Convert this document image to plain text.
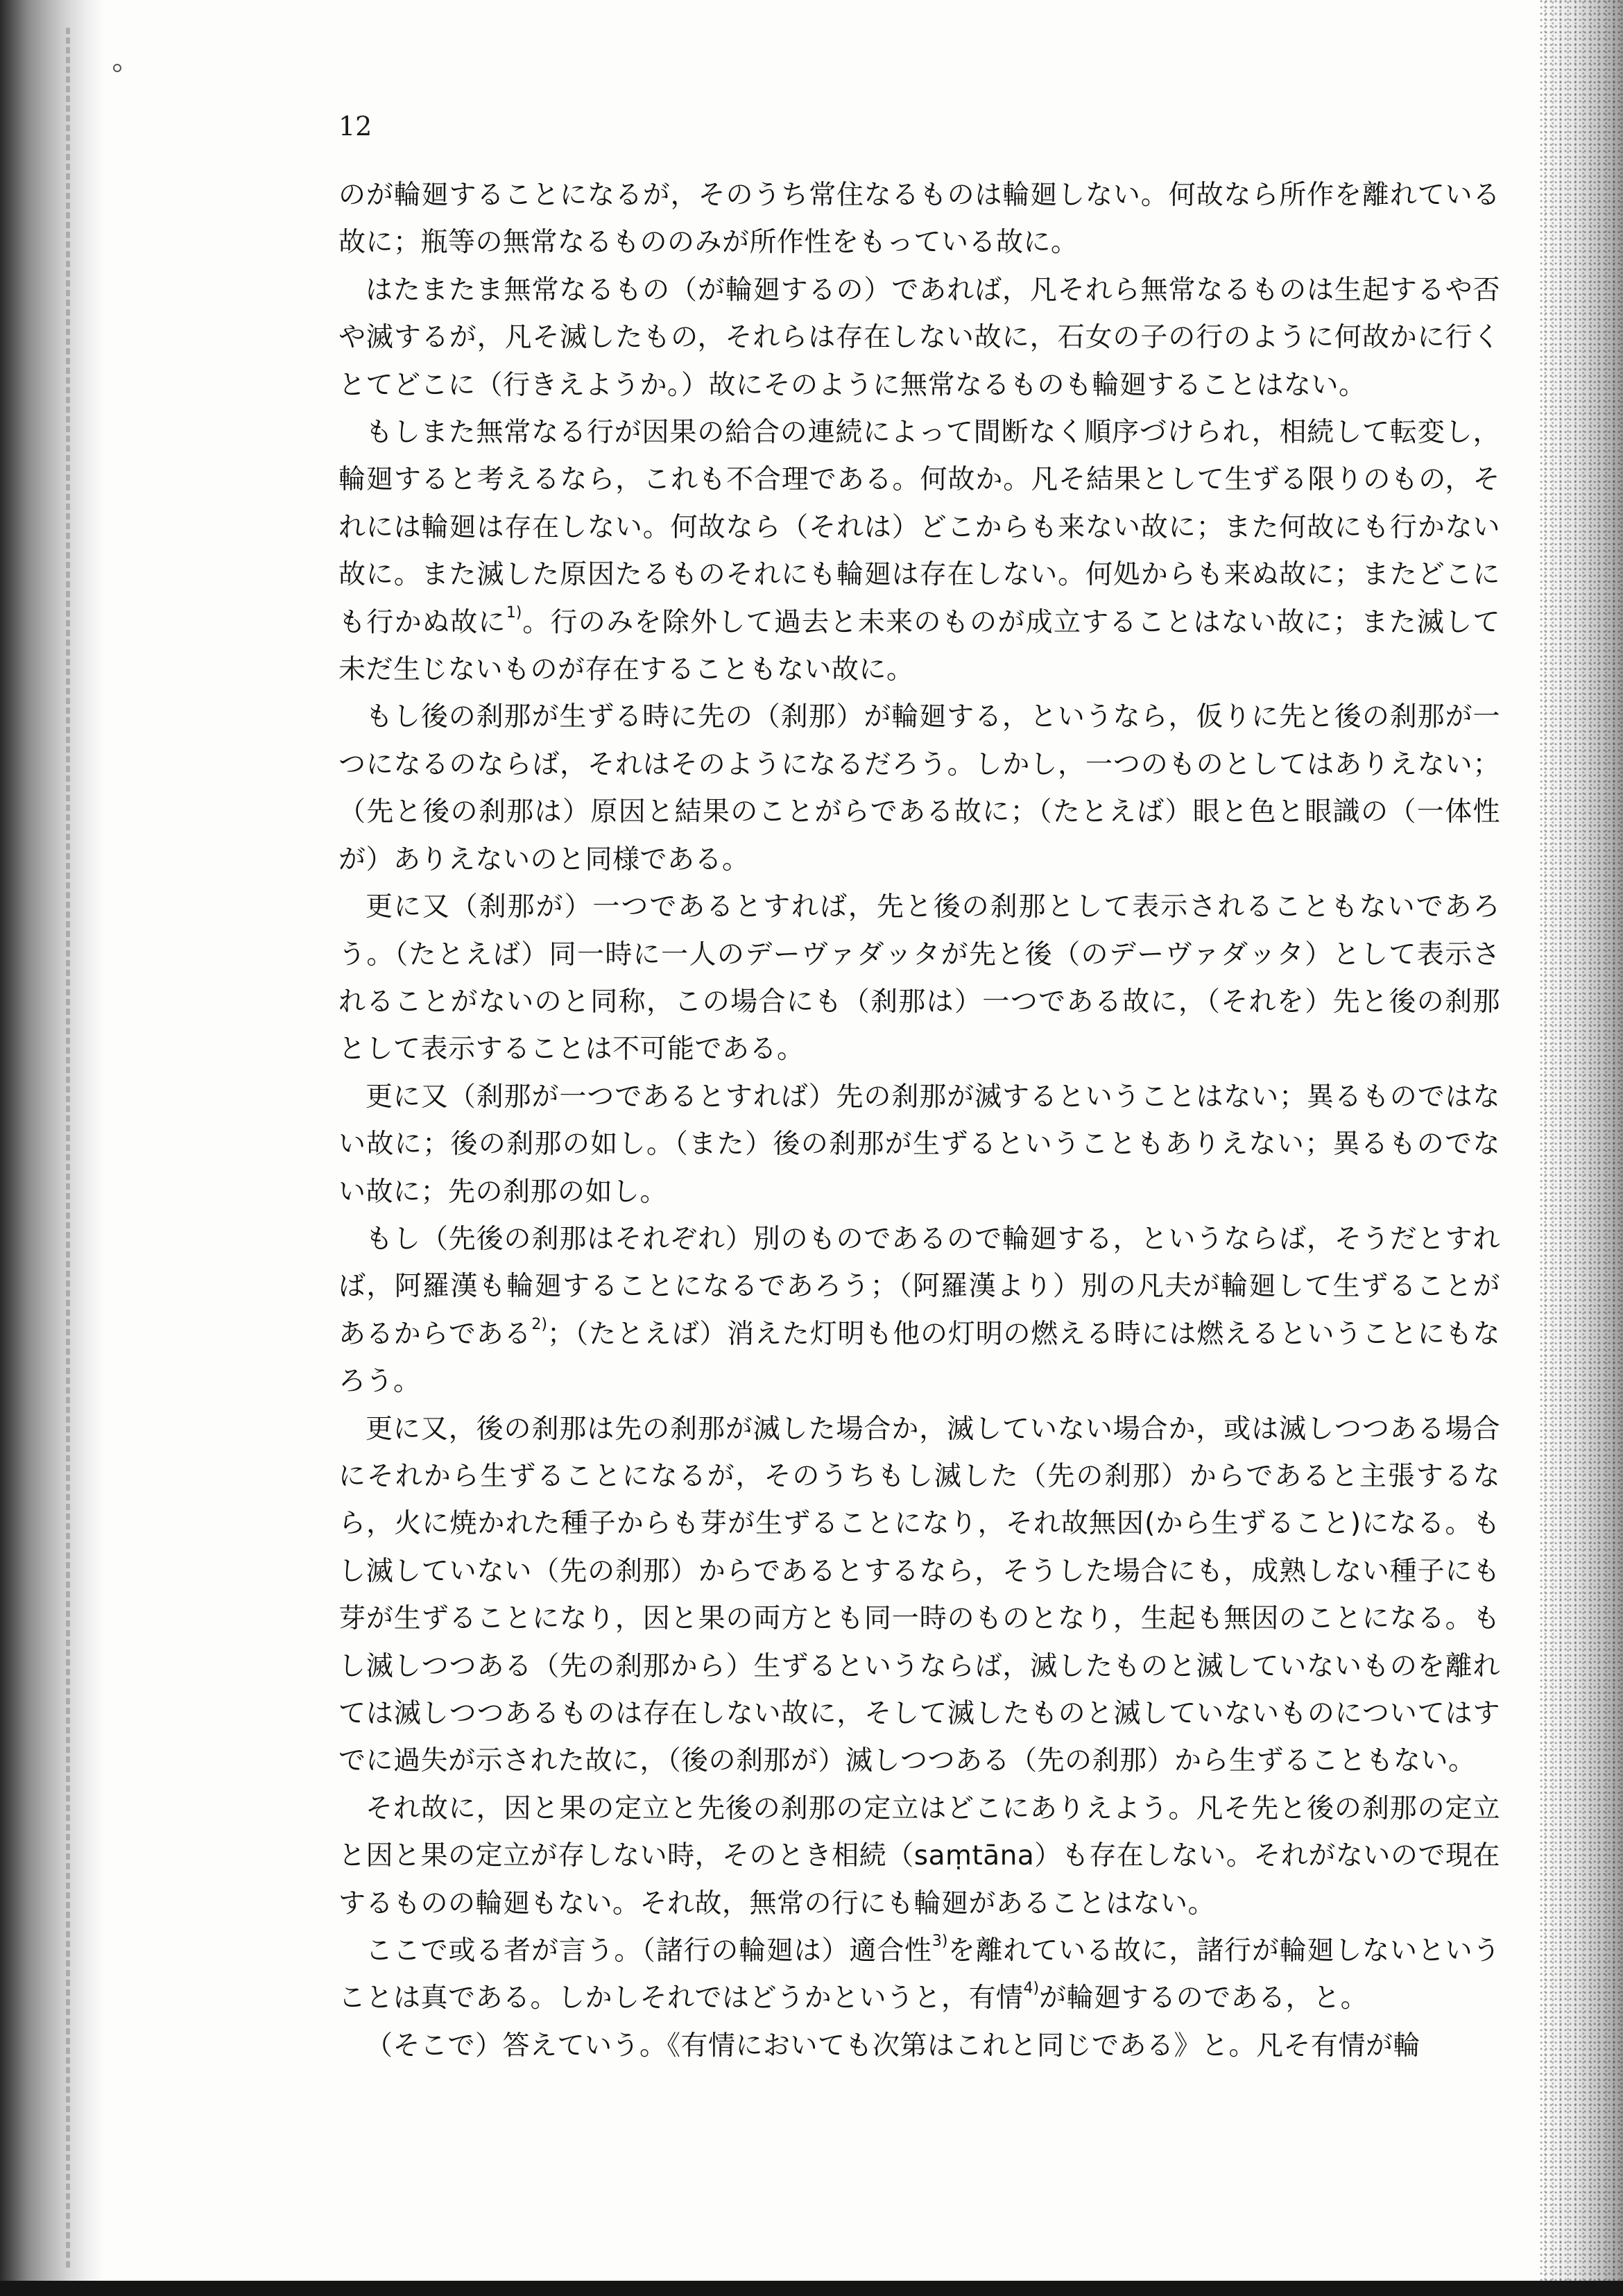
12

のが輪廻することになるが，そのうち常住なるものは輪廻しない。何故なら所作を離れている故に；瓶等の無常なるもののみが所作性をもっている故に。

はたまたま無常なるもの（が輪廻するの）であれば，凡それら無常なるものは生起するや否や滅するが，凡そ滅したもの，それらは存在しない故に，石女の子の行のように何故かに行くとてどこに（行きえようか。）故にそのように無常なるものも輪廻することはない。

もしまた無常なる行が因果の給合の連続によって間断なく順序づけられ，相続して転変し，輪廻すると考えるなら，これも不合理である。何故か。凡そ結果として生ずる限りのもの，それには輪廻は存在しない。何故なら（それは）どこからも来ない故に；また何故にも行かない故に。また滅した原因たるものそれにも輪廻は存在しない。何処からも来ぬ故に；またどこにも行かぬ故に$^{1)}$。行のみを除外して過去と未来のものが成立することはない故に；また滅して未だ生じないものが存在することもない故に。

もし後の刹那が生ずる時に先の（刹那）が輪廻する，というなら，仮りに先と後の刹那が一つになるのならば，それはそのようになるだろう。しかし，一つのものとしてはありえない；（先と後の刹那は）原因と結果のことがらである故に；（たとえば）眼と色と眼識の（一体性が）ありえないのと同様である。

更に又（刹那が）一つであるとすれば，先と後の刹那として表示されることもないであろう。（たとえば）同一時に一人のデーヴァダッタが先と後（のデーヴァダッタ）として表示されることがないのと同称，この場合にも（刹那は）一つである故に，（それを）先と後の刹那として表示することは不可能である。

更に又（刹那が一つであるとすれば）先の刹那が滅するということはない；異るものではない故に；後の刹那の如し。（また）後の刹那が生ずるということもありえない；異るものでない故に；先の刹那の如し。

もし（先後の刹那はそれぞれ）別のものであるので輪廻する，というならば，そうだとすれば，阿羅漢も輪廻することになるであろう；（阿羅漢より）別の凡夫が輪廻して生ずることがあるからである$^{2)}$；（たとえば）消えた灯明も他の灯明の燃える時には燃えるということにもなろう。

更に又，後の刹那は先の刹那が滅した場合か，滅していない場合か，或は滅しつつある場合にそれから生ずることになるが，そのうちもし滅した（先の刹那）からであると主張するなら，火に焼かれた種子からも芽が生ずることになり，それ故無因(から生ずること)になる。もし滅していない（先の刹那）からであるとするなら，そうした場合にも，成熟しない種子にも芽が生ずることになり，因と果の両方とも同一時のものとなり，生起も無因のことになる。もし滅しつつある（先の刹那から）生ずるというならば，滅したものと滅していないものを離れては滅しつつあるものは存在しない故に，そして滅したものと滅していないものについてはすでに過失が示された故に，（後の刹那が）滅しつつある（先の刹那）から生ずることもない。

それ故に，因と果の定立と先後の刹那の定立はどこにありえよう。凡そ先と後の刹那の定立と因と果の定立が存しない時，そのとき相続（saṃtāna）も存在しない。それがないので現在するものの輪廻もない。それ故，無常の行にも輪廻があることはない。

ここで或る者が言う。（諸行の輪廻は）適合性$^{3)}$を離れている故に，諸行が輪廻しないということは真である。しかしそれではどうかというと，有情$^{4)}$が輪廻するのである，と。

（そこで）答えていう。《有情においても次第はこれと同じである》と。凡そ有情が輪
